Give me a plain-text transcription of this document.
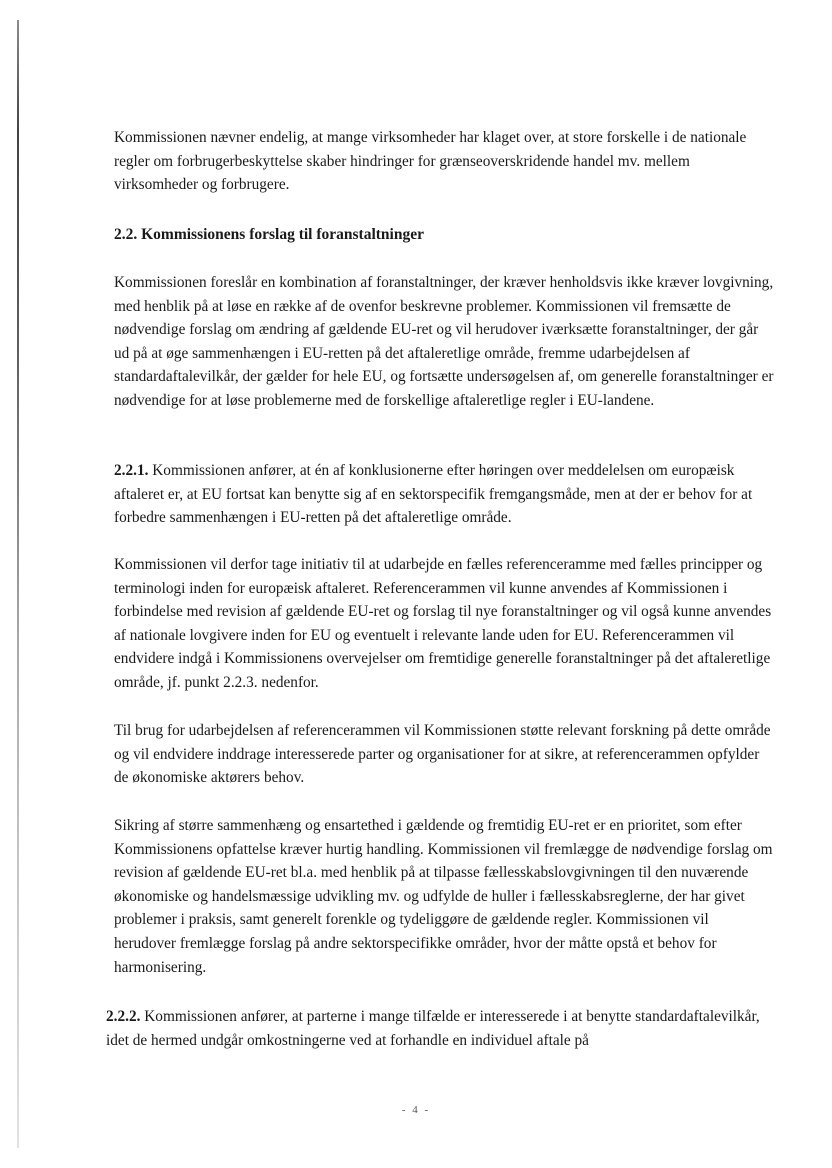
Kommissionen nævner endelig, at mange virksomheder har klaget over, at store forskelle i de nationale regler om forbrugerbeskyttelse skaber hindringer for grænseoverskridende handel mv. mellem virksomheder og forbrugere.

2.2. Kommissionens forslag til foranstaltninger

Kommissionen foreslår en kombination af foranstaltninger, der kræver henholdsvis ikke kræver lovgivning, med henblik på at løse en række af de ovenfor beskrevne problemer. Kommissionen vil fremsætte de nødvendige forslag om ændring af gældende EU-ret og vil herudover iværksætte foranstaltninger, der går ud på at øge sammenhængen i EU-retten på det aftaleretlige område, fremme udarbejdelsen af standardaftalevilkår, der gælder for hele EU, og fortsætte undersøgelsen af, om generelle foranstaltninger er nødvendige for at løse problemerne med de forskellige aftaleretlige regler i EU-landene.

2.2.1. Kommissionen anfører, at én af konklusionerne efter høringen over meddelelsen om europæisk aftaleret er, at EU fortsat kan benytte sig af en sektorspecifik fremgangsmåde, men at der er behov for at forbedre sammenhængen i EU-retten på det aftaleretlige område.

Kommissionen vil derfor tage initiativ til at udarbejde en fælles referenceramme med fælles principper og terminologi inden for europæisk aftaleret. Referencerammen vil kunne anvendes af Kommissionen i forbindelse med revision af gældende EU-ret og forslag til nye foranstaltninger og vil også kunne anvendes af nationale lovgivere inden for EU og eventuelt i relevante lande uden for EU. Referencerammen vil endvidere indgå i Kommissionens overvejelser om fremtidige generelle foranstaltninger på det aftaleretlige område, jf. punkt 2.2.3. nedenfor.

Til brug for udarbejdelsen af referencerammen vil Kommissionen støtte relevant forskning på dette område og vil endvidere inddrage interesserede parter og organisationer for at sikre, at referencerammen opfylder de økonomiske aktørers behov.

Sikring af større sammenhæng og ensartethed i gældende og fremtidig EU-ret er en prioritet, som efter Kommissionens opfattelse kræver hurtig handling. Kommissionen vil fremlægge de nødvendige forslag om revision af gældende EU-ret bl.a. med henblik på at tilpasse fællesskabslovgivningen til den nuværende økonomiske og handelsmæssige udvikling mv. og udfylde de huller i fællesskabsreglerne, der har givet problemer i praksis, samt generelt forenkle og tydeliggøre de gældende regler. Kommissionen vil herudover fremlægge forslag på andre sektorspecifikke områder, hvor der måtte opstå et behov for harmonisering.

2.2.2. Kommissionen anfører, at parterne i mange tilfælde er interesserede i at benytte standardaftalevilkår, idet de hermed undgår omkostningerne ved at forhandle en individuel aftale på

- 4 -
